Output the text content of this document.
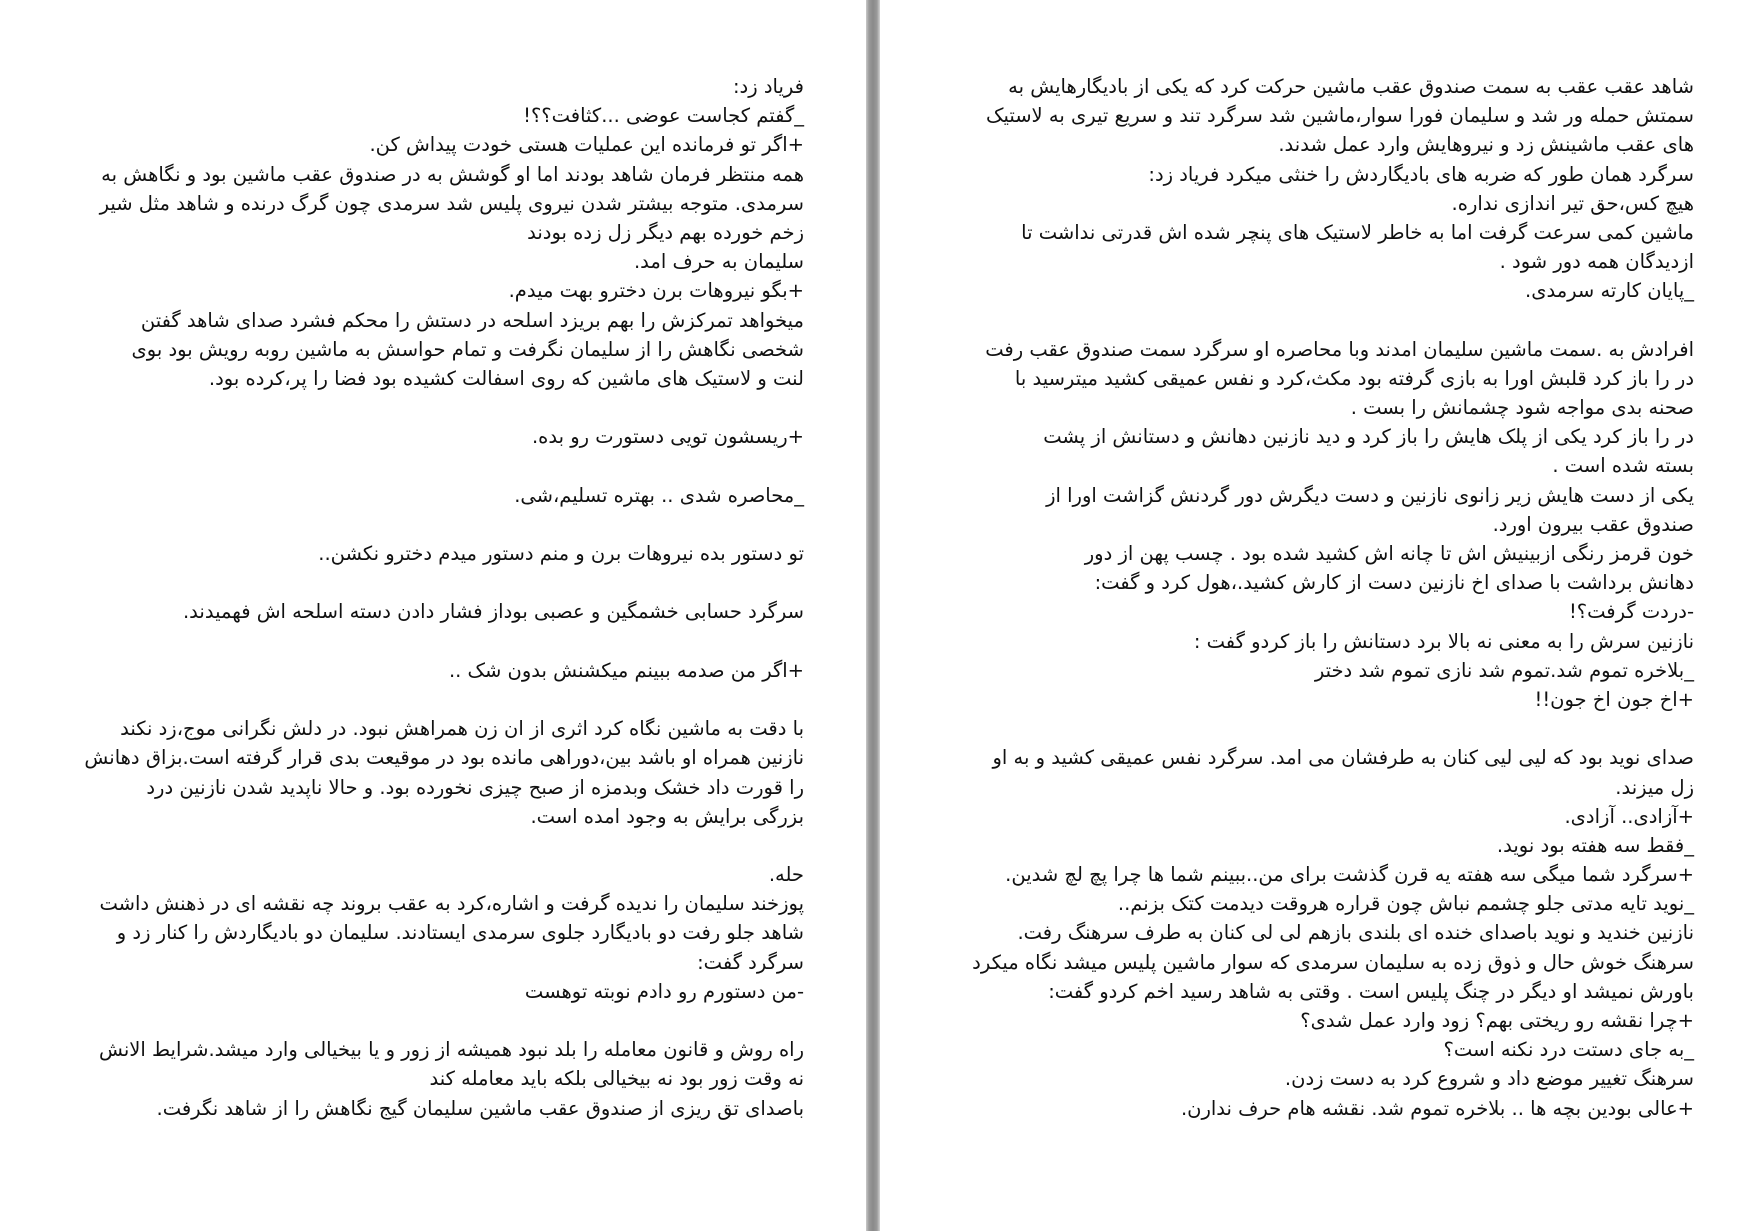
فریاد زد:
_گفتم کجاست عوضی ...کثافت؟؟!
+اگر تو فرمانده این عملیات هستی خودت پیداش کن.
همه منتظر فرمان شاهد بودند اما او گوشش به در صندوق عقب ماشین بود و نگاهش به
سرمدی. متوجه بیشتر شدن نیروی پلیس شد سرمدی چون گرگ درنده و شاهد مثل شیر
زخم خورده بهم دیگر زل زده بودند
سلیمان به حرف امد.
+بگو نیروهات برن دخترو بهت میدم.
میخواهد تمرکزش را بهم بریزد اسلحه در دستش را محکم فشرد صدای شاهد گفتن
شخصی نگاهش را از سلیمان نگرفت و تمام حواسش به ماشین روبه رویش بود بوی
لنت و لاستیک های ماشین که روی اسفالت کشیده بود فضا را پر،کرده بود.
+ریسشون تویی دستورت رو بده.
_محاصره شدی .. بهتره تسلیم،شی.
تو دستور بده نیروهات برن و منم دستور میدم دخترو نکشن..
سرگرد حسابی خشمگین و عصبی بوداز فشار دادن دسته اسلحه اش فهمیدند.
+اگر من صدمه ببینم میکشنش بدون شک ..
با دقت به ماشین نگاه کرد اثری از ان زن همراهش نبود. در دلش نگرانی موج،زد نکند
نازنین همراه او باشد بین،دوراهی مانده بود در موقیعت بدی قرار گرفته است.بزاق دهانش
را قورت داد خشک وبدمزه از صبح چیزی نخورده بود. و حالا ناپدید شدن نازنین درد
بزرگی برایش به وجود امده است.
حله.
پوزخند سلیمان را ندیده گرفت و اشاره،کرد به عقب بروند چه نقشه ای در ذهنش داشت
شاهد جلو رفت دو بادیگارد جلوی سرمدی ایستادند. سلیمان دو بادیگاردش را کنار زد و
سرگرد گفت:
-من دستورم رو دادم نوبته توهست
راه روش و قانون معامله را بلد نبود همیشه از زور و یا بیخیالی وارد میشد.شرایط الانش
نه وقت زور بود نه بیخیالی بلکه باید معامله کند
باصدای تق ریزی از صندوق عقب ماشین سلیمان گیج نگاهش را از شاهد نگرفت.
شاهد عقب عقب به سمت صندوق عقب ماشین حرکت کرد که یکی از بادیگارهایش به
سمتش حمله ور شد و سلیمان فورا سوار،ماشین شد سرگرد تند و سریع تیری به لاستیک
های عقب ماشینش زد و نیروهایش وارد عمل شدند.
سرگرد همان طور که ضربه های بادیگاردش را خنثی میکرد فریاد زد:
هیچ کس،حق تیر اندازی نداره.
ماشین کمی سرعت گرفت اما به خاطر لاستیک های پنچر شده اش قدرتی نداشت تا
ازدیدگان همه دور شود .
_پایان کارته سرمدی.
افرادش به .سمت ماشین سلیمان امدند وبا محاصره او سرگرد سمت صندوق عقب رفت
در را باز کرد قلبش اورا به بازی گرفته بود مکث،کرد و نفس عمیقی کشید میترسید با
صحنه بدی مواجه شود چشمانش را بست .
در را باز کرد یکی از پلک هایش را باز کرد و دید نازنین دهانش و دستانش از پشت
بسته شده است .
یکی از دست هایش زیر زانوی نازنین و دست دیگرش دور گردنش گزاشت اورا از
صندوق عقب بیرون اورد.
خون قرمز رنگی ازبینیش اش تا چانه اش کشید شده بود . چسب پهن از دور
دهانش برداشت با صدای اخ نازنین دست از کارش کشید.،هول کرد و گفت:
-دردت گرفت؟!
نازنین سرش را به معنی نه بالا برد دستانش را باز کردو گفت :
_بلاخره تموم شد.تموم شد نازی تموم شد دختر
+اخ جون اخ جون!!
صدای نوید بود که لیی لیی کنان به طرفشان می امد. سرگرد نفس عمیقی کشید و به او
زل میزند.
+آزادی.. آزادی.
_فقط سه هفته بود نوید.
+سرگرد شما میگی سه هفته یه قرن گذشت برای من..ببینم شما ها چرا پچ لچ شدین.
_نوید تایه مدتی جلو چشمم نباش چون قراره هروقت دیدمت کتک بزنم..
نازنین خندید و نوید باصدای خنده ای بلندی بازهم لی لی کنان به طرف سرهنگ رفت.
سرهنگ خوش حال و ذوق زده به سلیمان سرمدی که سوار ماشین پلیس میشد نگاه میکرد
باورش نمیشد او دیگر در چنگ پلیس است . وقتی به شاهد رسید اخم کردو گفت:
+چرا نقشه رو ریختی بهم؟ زود وارد عمل شدی؟
_به جای دستت درد نکنه است؟
سرهنگ تغییر موضع داد و شروع کرد به دست زدن.
+عالی بودین بچه ها .. بلاخره تموم شد. نقشه هام حرف ندارن.
